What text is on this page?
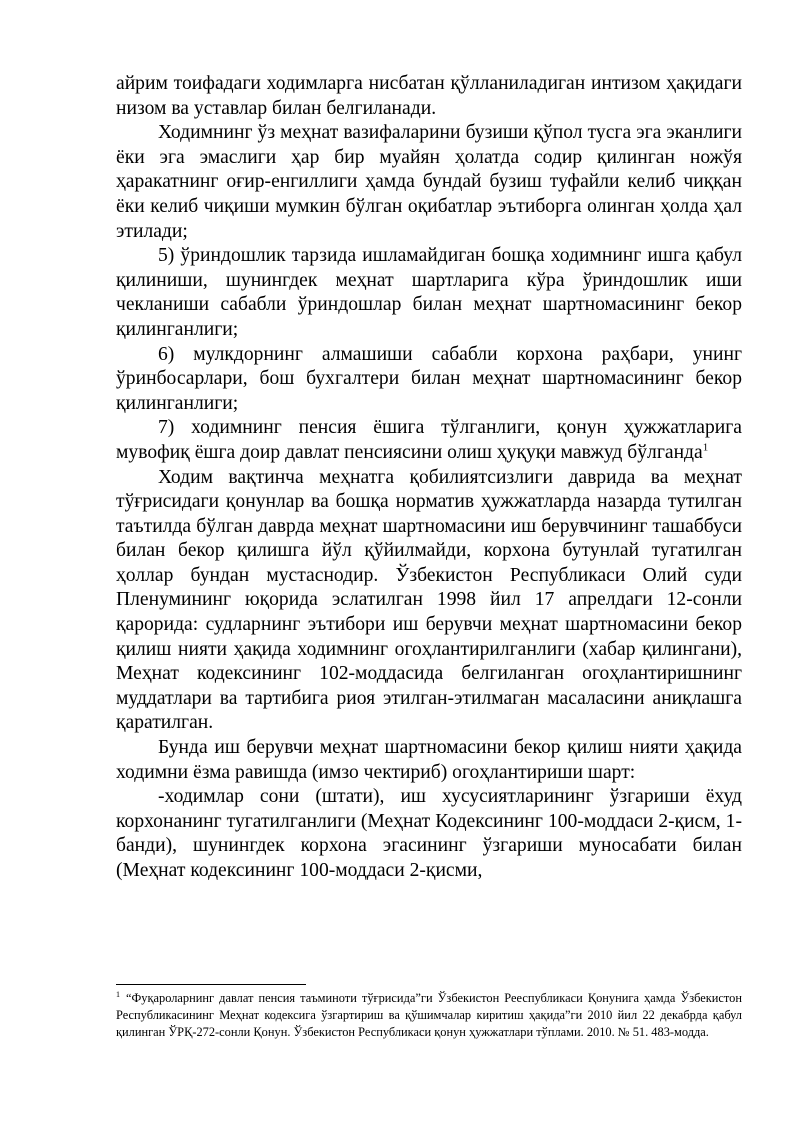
айрим тоифадаги ходимларга нисбатан қўлланиладиган интизом ҳақидаги низом ва уставлар билан белгиланади.

Ходимнинг ўз меҳнат вазифаларини бузиши қўпол тусга эга эканлиги ёки эга эмаслиги ҳар бир муайян ҳолатда содир қилинган ножўя ҳаракатнинг оғир-енгиллиги ҳамда бундай бузиш туфайли келиб чиққан ёки келиб чиқиши мумкин бўлган оқибатлар эътиборга олинган ҳолда ҳал этилади;

5) ўриндошлик тарзида ишламайдиган бошқа ходимнинг ишга қабул қилиниши, шунингдек меҳнат шартларига кўра ўриндошлик иши чекланиши сабабли ўриндошлар билан меҳнат шартномасининг бекор қилинганлиги;

6) мулкдорнинг алмашиши сабабли корхона раҳбари, унинг ўринбосарлари, бош бухгалтери билан меҳнат шартномасининг бекор қилинганлиги;

7) ходимнинг пенсия ёшига тўлганлиги, қонун ҳужжатларига мувофиқ ёшга доир давлат пенсиясини олиш ҳуқуқи мавжуд бўлганда$^1$

Ходим вақтинча меҳнатга қобилиятсизлиги даврида ва меҳнат тўғрисидаги қонунлар ва бошқа норматив ҳужжатларда назарда тутилган таътилда бўлган даврда меҳнат шартномасини иш берувчининг ташаббуси билан бекор қилишга йўл қўйилмайди, корхона бутунлай тугатилган ҳоллар бундан мустаснодир. Ўзбекистон Республикаси Олий суди Пленумининг юқорида эслатилган 1998 йил 17 апрелдаги 12-сонли қарорида: судларнинг эътибори иш берувчи меҳнат шартномасини бекор қилиш нияти ҳақида ходимнинг огоҳлантирилганлиги (хабар қилингани), Меҳнат кодексининг 102-моддасида белгиланган огоҳлантиришнинг муддатлари ва тартибига риоя этилган-этилмаган масаласини аниқлашга қаратилган.

Бунда иш берувчи меҳнат шартномасини бекор қилиш нияти ҳақида ходимни ёзма равишда (имзо чектириб) огоҳлантириши шарт:

-ходимлар сони (штати), иш хусусиятларининг ўзгариши ёхуд корхонанинг тугатилганлиги (Меҳнат Кодексининг 100-моддаси 2-қисм, 1-банди), шунингдек корхона эгасининг ўзгариши муносабати билан (Меҳнат кодексининг 100-моддаси 2-қисми,

$^1$ “Фуқароларнинг давлат пенсия таъминоти тўғрисида”ги Ўзбекистон Рееспубликаси Қонунига ҳамда Ўзбекистон Республикасининг Меҳнат кодексига ўзгартириш ва қўшимчалар киритиш ҳақида”ги 2010 йил 22 декабрда қабул қилинган ЎРҚ-272-сонли Қонун. Ўзбекистон Республикаси қонун ҳужжатлари тўплами. 2010. № 51. 483-модда.
